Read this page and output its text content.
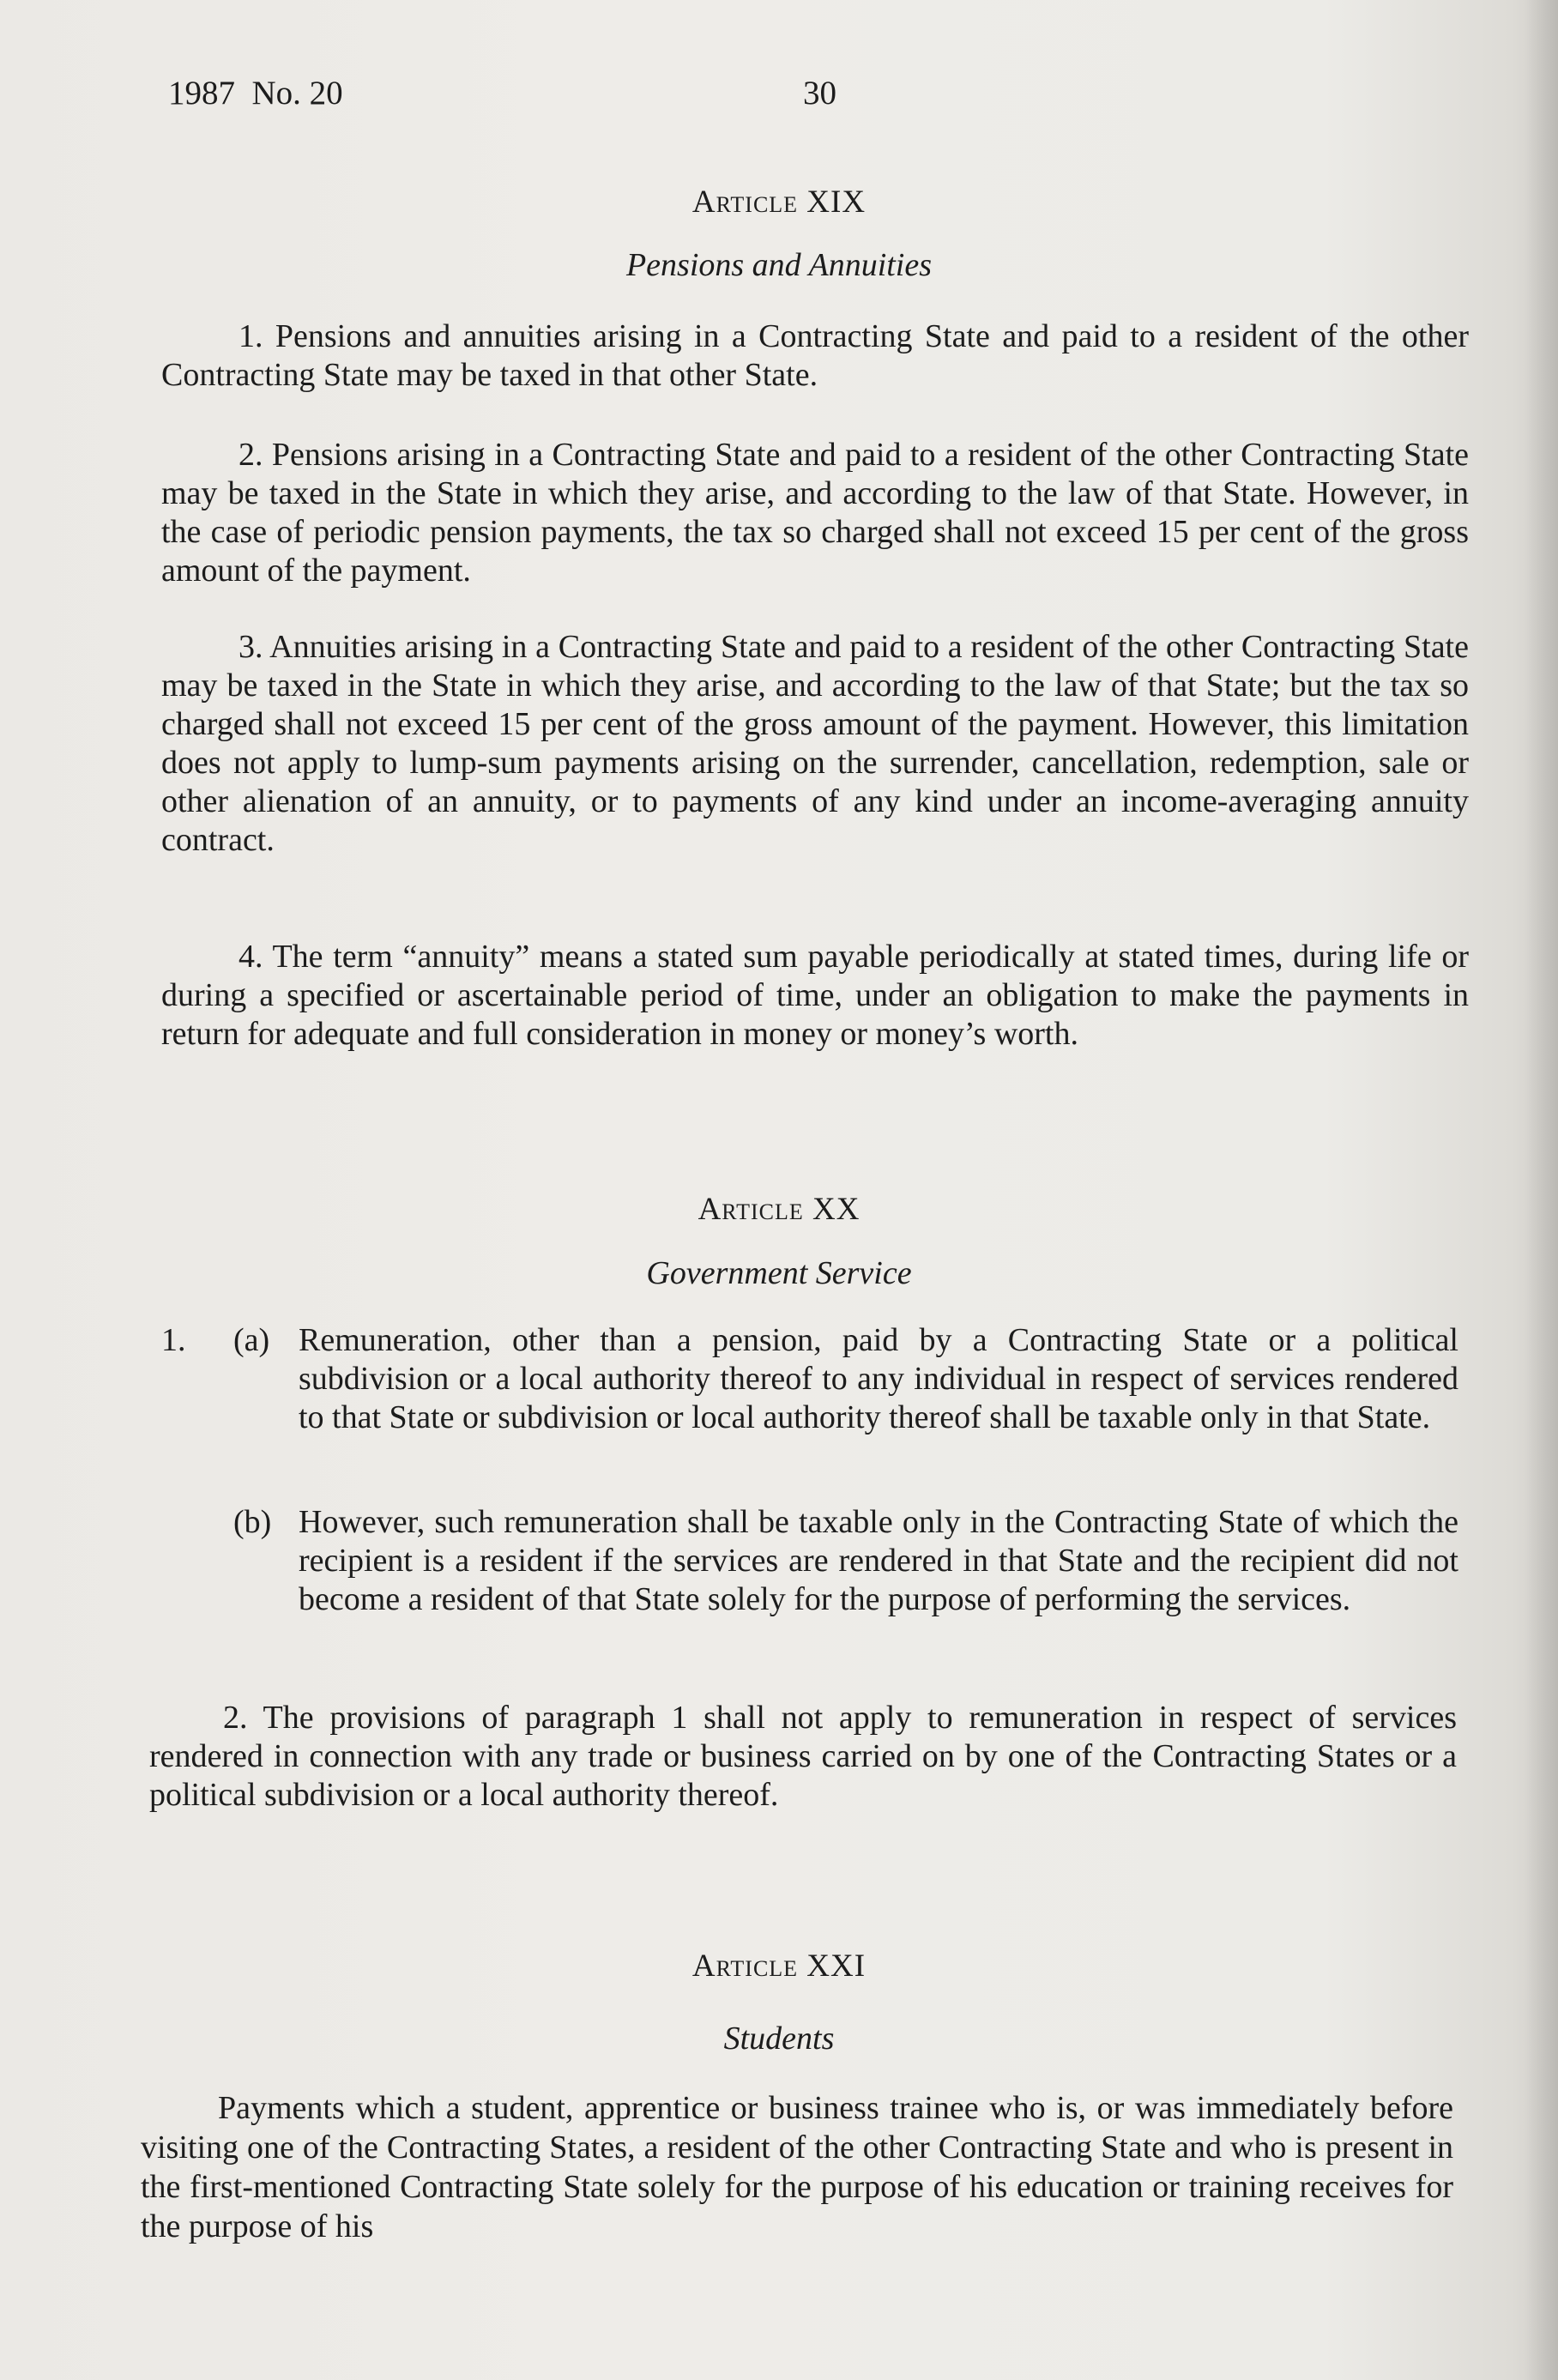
1987 No. 20	30
Article XIX
Pensions and Annuities
1. Pensions and annuities arising in a Contracting State and paid to a resident of the other Contracting State may be taxed in that other State.
2. Pensions arising in a Contracting State and paid to a resident of the other Contracting State may be taxed in the State in which they arise, and according to the law of that State. However, in the case of periodic pension payments, the tax so charged shall not exceed 15 per cent of the gross amount of the payment.
3. Annuities arising in a Contracting State and paid to a resident of the other Contracting State may be taxed in the State in which they arise, and according to the law of that State; but the tax so charged shall not exceed 15 per cent of the gross amount of the payment. However, this limitation does not apply to lump-sum payments arising on the surrender, cancellation, redemption, sale or other alienation of an annuity, or to payments of any kind under an income-averaging annuity contract.
4. The term “annuity” means a stated sum payable periodically at stated times, during life or during a specified or ascertainable period of time, under an obligation to make the payments in return for adequate and full consideration in money or money’s worth.
Article XX
Government Service
1. (a) Remuneration, other than a pension, paid by a Contracting State or a political subdivision or a local authority thereof to any individual in respect of services rendered to that State or subdivision or local authority thereof shall be taxable only in that State.
(b) However, such remuneration shall be taxable only in the Contracting State of which the recipient is a resident if the services are rendered in that State and the recipient did not become a resident of that State solely for the purpose of performing the services.
2. The provisions of paragraph 1 shall not apply to remuneration in respect of services rendered in connection with any trade or business carried on by one of the Contracting States or a political subdivision or a local authority thereof.
Article XXI
Students
Payments which a student, apprentice or business trainee who is, or was immediately before visiting one of the Contracting States, a resident of the other Contracting State and who is present in the first-mentioned Contracting State solely for the purpose of his education or training receives for the purpose of his
